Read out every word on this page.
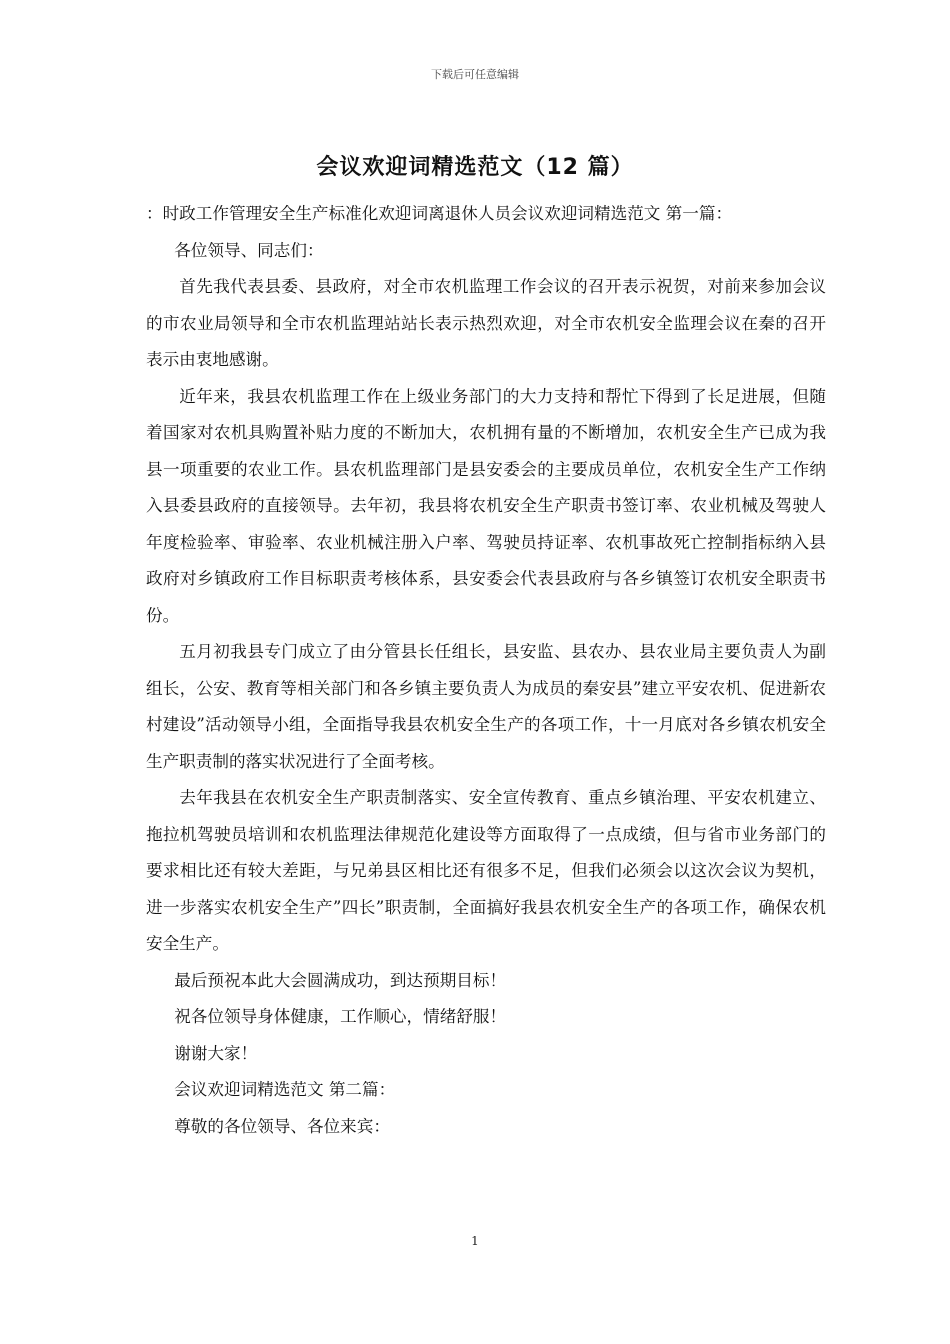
下载后可任意编辑
会议欢迎词精选范文（12 篇）

：时政工作管理安全生产标准化欢迎词离退休人员会议欢迎词精选范文 第一篇：

各位领导、同志们：

首先我代表县委、县政府，对全市农机监理工作会议的召开表示祝贺，对前来参加会议的市农业局领导和全市农机监理站站长表示热烈欢迎，对全市农机安全监理会议在秦的召开表示由衷地感谢。

近年来，我县农机监理工作在上级业务部门的大力支持和帮忙下得到了长足进展，但随着国家对农机具购置补贴力度的不断加大，农机拥有量的不断增加，农机安全生产已成为我县一项重要的农业工作。县农机监理部门是县安委会的主要成员单位，农机安全生产工作纳入县委县政府的直接领导。去年初，我县将农机安全生产职责书签订率、农业机械及驾驶人年度检验率、审验率、农业机械注册入户率、驾驶员持证率、农机事故死亡控制指标纳入县政府对乡镇政府工作目标职责考核体系，县安委会代表县政府与各乡镇签订农机安全职责书份。

五月初我县专门成立了由分管县长任组长，县安监、县农办、县农业局主要负责人为副组长，公安、教育等相关部门和各乡镇主要负责人为成员的秦安县”建立平安农机、促进新农村建设”活动领导小组，全面指导我县农机安全生产的各项工作，十一月底对各乡镇农机安全生产职责制的落实状况进行了全面考核。

去年我县在农机安全生产职责制落实、安全宣传教育、重点乡镇治理、平安农机建立、拖拉机驾驶员培训和农机监理法律规范化建设等方面取得了一点成绩，但与省市业务部门的要求相比还有较大差距，与兄弟县区相比还有很多不足，但我们必须会以这次会议为契机，进一步落实农机安全生产”四长”职责制，全面搞好我县农机安全生产的各项工作，确保农机安全生产。

最后预祝本此大会圆满成功，到达预期目标！

祝各位领导身体健康，工作顺心，情绪舒服！

谢谢大家！

会议欢迎词精选范文 第二篇：

尊敬的各位领导、各位来宾：

1
